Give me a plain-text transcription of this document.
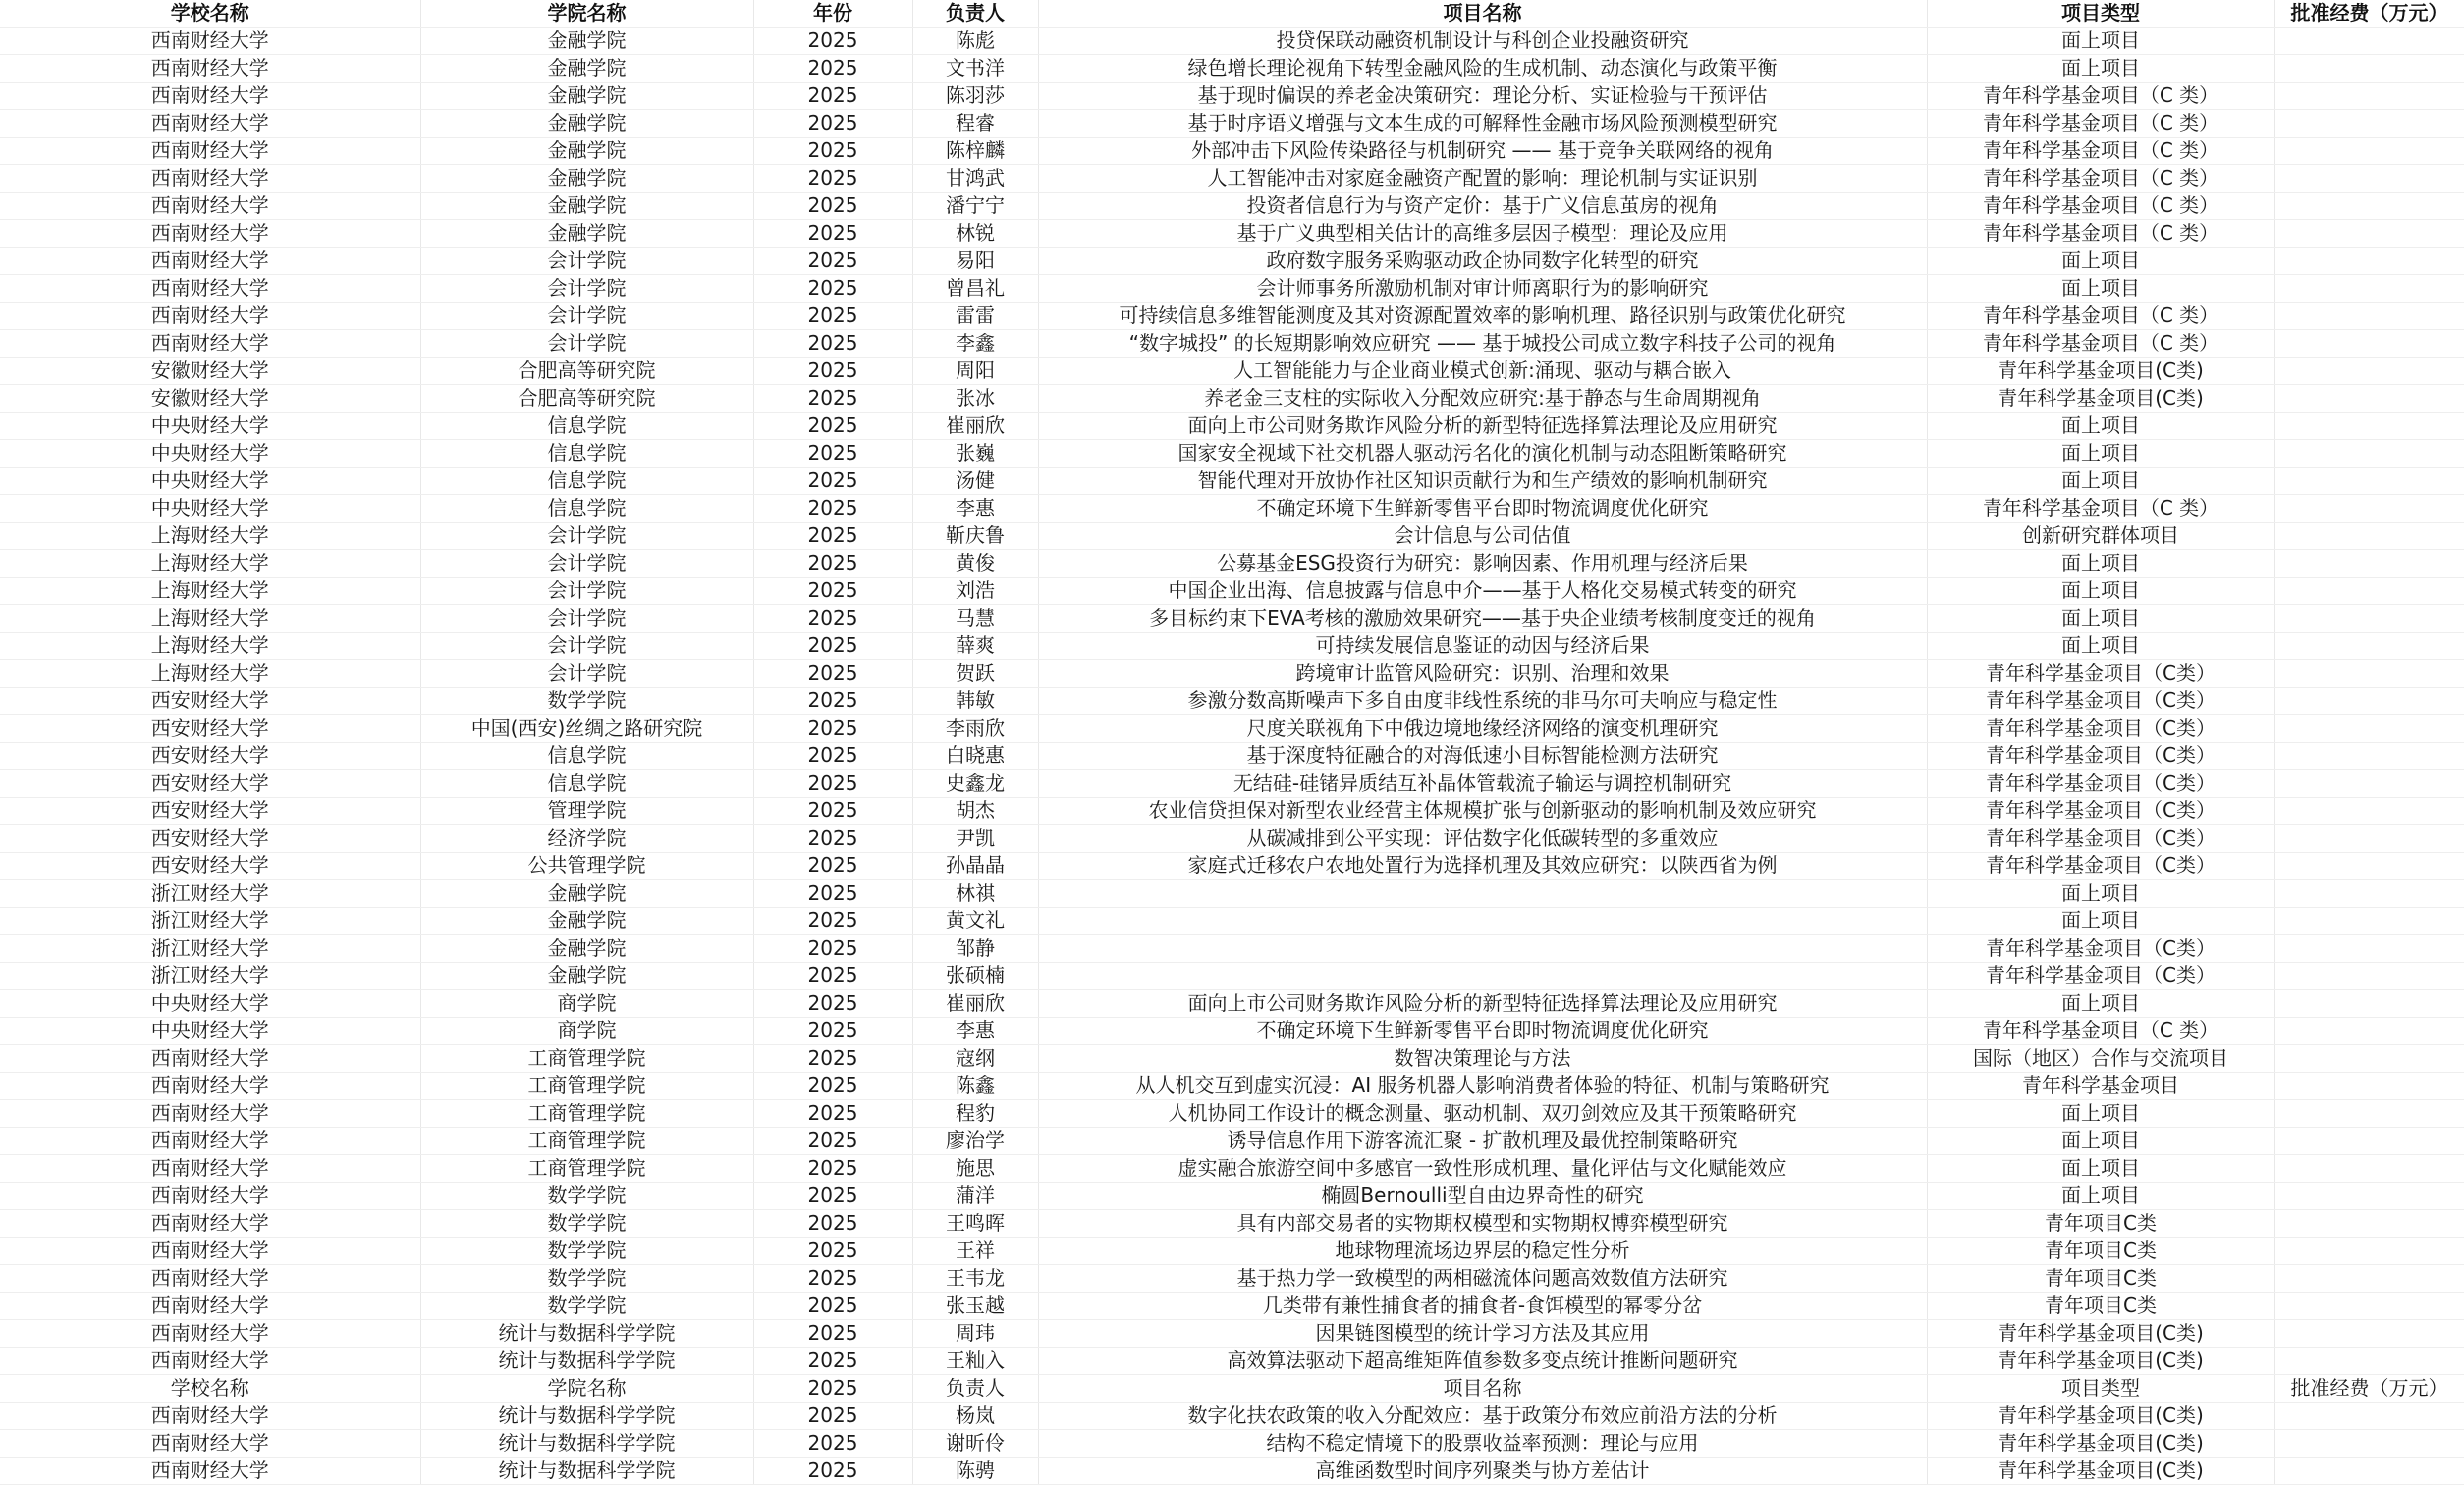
学校名称	学院名称	年份	负责人	项目名称	项目类型	批准经费（万元）
西南财经大学	金融学院	2025	陈彪	投贷保联动融资机制设计与科创企业投融资研究	面上项目	
西南财经大学	金融学院	2025	文书洋	绿色增长理论视角下转型金融风险的生成机制、动态演化与政策平衡	面上项目	
西南财经大学	金融学院	2025	陈羽莎	基于现时偏误的养老金决策研究：理论分析、实证检验与干预评估	青年科学基金项目（C 类）	
西南财经大学	金融学院	2025	程睿	基于时序语义增强与文本生成的可解释性金融市场风险预测模型研究	青年科学基金项目（C 类）	
西南财经大学	金融学院	2025	陈梓麟	外部冲击下风险传染路径与机制研究 —— 基于竞争关联网络的视角	青年科学基金项目（C 类）	
西南财经大学	金融学院	2025	甘鸿武	人工智能冲击对家庭金融资产配置的影响：理论机制与实证识别	青年科学基金项目（C 类）	
西南财经大学	金融学院	2025	潘宁宁	投资者信息行为与资产定价：基于广义信息茧房的视角	青年科学基金项目（C 类）	
西南财经大学	金融学院	2025	林锐	基于广义典型相关估计的高维多层因子模型：理论及应用	青年科学基金项目（C 类）	
西南财经大学	会计学院	2025	易阳	政府数字服务采购驱动政企协同数字化转型的研究	面上项目	
西南财经大学	会计学院	2025	曾昌礼	会计师事务所激励机制对审计师离职行为的影响研究	面上项目	
西南财经大学	会计学院	2025	雷雷	可持续信息多维智能测度及其对资源配置效率的影响机理、路径识别与政策优化研究	青年科学基金项目（C 类）	
西南财经大学	会计学院	2025	李鑫	“数字城投” 的长短期影响效应研究 —— 基于城投公司成立数字科技子公司的视角	青年科学基金项目（C 类）	
安徽财经大学	合肥高等研究院	2025	周阳	人工智能能力与企业商业模式创新:涌现、驱动与耦合嵌入	青年科学基金项目(C类)	
安徽财经大学	合肥高等研究院	2025	张冰	养老金三支柱的实际收入分配效应研究:基于静态与生命周期视角	青年科学基金项目(C类)	
中央财经大学	信息学院	2025	崔丽欣	面向上市公司财务欺诈风险分析的新型特征选择算法理论及应用研究	面上项目	
中央财经大学	信息学院	2025	张巍	国家安全视域下社交机器人驱动污名化的演化机制与动态阻断策略研究	面上项目	
中央财经大学	信息学院	2025	汤健	智能代理对开放协作社区知识贡献行为和生产绩效的影响机制研究	面上项目	
中央财经大学	信息学院	2025	李惠	不确定环境下生鲜新零售平台即时物流调度优化研究	青年科学基金项目（C 类）	
上海财经大学	会计学院	2025	靳庆鲁	会计信息与公司估值	创新研究群体项目	
上海财经大学	会计学院	2025	黄俊	公募基金ESG投资行为研究：影响因素、作用机理与经济后果	面上项目	
上海财经大学	会计学院	2025	刘浩	中国企业出海、信息披露与信息中介——基于人格化交易模式转变的研究	面上项目	
上海财经大学	会计学院	2025	马慧	多目标约束下EVA考核的激励效果研究——基于央企业绩考核制度变迁的视角	面上项目	
上海财经大学	会计学院	2025	薛爽	可持续发展信息鉴证的动因与经济后果	面上项目	
上海财经大学	会计学院	2025	贺跃	跨境审计监管风险研究：识别、治理和效果	青年科学基金项目（C类）	
西安财经大学	数学学院	2025	韩敏	参激分数高斯噪声下多自由度非线性系统的非马尔可夫响应与稳定性	青年科学基金项目（C类）	
西安财经大学	中国(西安)丝绸之路研究院	2025	李雨欣	尺度关联视角下中俄边境地缘经济网络的演变机理研究	青年科学基金项目（C类）	
西安财经大学	信息学院	2025	白晓惠	基于深度特征融合的对海低速小目标智能检测方法研究	青年科学基金项目（C类）	
西安财经大学	信息学院	2025	史鑫龙	无结硅-硅锗异质结互补晶体管载流子输运与调控机制研究	青年科学基金项目（C类）	
西安财经大学	管理学院	2025	胡杰	农业信贷担保对新型农业经营主体规模扩张与创新驱动的影响机制及效应研究	青年科学基金项目（C类）	
西安财经大学	经济学院	2025	尹凯	从碳减排到公平实现：评估数字化低碳转型的多重效应	青年科学基金项目（C类）	
西安财经大学	公共管理学院	2025	孙晶晶	家庭式迁移农户农地处置行为选择机理及其效应研究：以陕西省为例	青年科学基金项目（C类）	
浙江财经大学	金融学院	2025	林祺		面上项目	
浙江财经大学	金融学院	2025	黄文礼		面上项目	
浙江财经大学	金融学院	2025	邹静		青年科学基金项目（C类）	
浙江财经大学	金融学院	2025	张硕楠		青年科学基金项目（C类）	
中央财经大学	商学院	2025	崔丽欣	面向上市公司财务欺诈风险分析的新型特征选择算法理论及应用研究	面上项目	
中央财经大学	商学院	2025	李惠	不确定环境下生鲜新零售平台即时物流调度优化研究	青年科学基金项目（C 类）	
西南财经大学	工商管理学院	2025	寇纲	数智决策理论与方法	国际（地区）合作与交流项目	
西南财经大学	工商管理学院	2025	陈鑫	从人机交互到虚实沉浸：AI 服务机器人影响消费者体验的特征、机制与策略研究	青年科学基金项目	
西南财经大学	工商管理学院	2025	程豹	人机协同工作设计的概念测量、驱动机制、双刃剑效应及其干预策略研究	面上项目	
西南财经大学	工商管理学院	2025	廖治学	诱导信息作用下游客流汇聚 - 扩散机理及最优控制策略研究	面上项目	
西南财经大学	工商管理学院	2025	施思	虚实融合旅游空间中多感官一致性形成机理、量化评估与文化赋能效应	面上项目	
西南财经大学	数学学院	2025	蒲洋	椭圆Bernoulli型自由边界奇性的研究	面上项目	
西南财经大学	数学学院	2025	王鸣晖	具有内部交易者的实物期权模型和实物期权博弈模型研究	青年项目C类	
西南财经大学	数学学院	2025	王祥	地球物理流场边界层的稳定性分析	青年项目C类	
西南财经大学	数学学院	2025	王韦龙	基于热力学一致模型的两相磁流体问题高效数值方法研究	青年项目C类	
西南财经大学	数学学院	2025	张玉越	几类带有兼性捕食者的捕食者-食饵模型的幂零分岔	青年项目C类	
西南财经大学	统计与数据科学学院	2025	周玮	因果链图模型的统计学习方法及其应用	青年科学基金项目(C类)	
西南财经大学	统计与数据科学学院	2025	王籼入	高效算法驱动下超高维矩阵值参数多变点统计推断问题研究	青年科学基金项目(C类)	
学校名称	学院名称	2025	负责人	项目名称	项目类型	批准经费（万元）
西南财经大学	统计与数据科学学院	2025	杨岚	数字化扶农政策的收入分配效应：基于政策分布效应前沿方法的分析	青年科学基金项目(C类)	
西南财经大学	统计与数据科学学院	2025	谢昕伶	结构不稳定情境下的股票收益率预测：理论与应用	青年科学基金项目(C类)	
西南财经大学	统计与数据科学学院	2025	陈骋	高维函数型时间序列聚类与协方差估计	青年科学基金项目(C类)	
